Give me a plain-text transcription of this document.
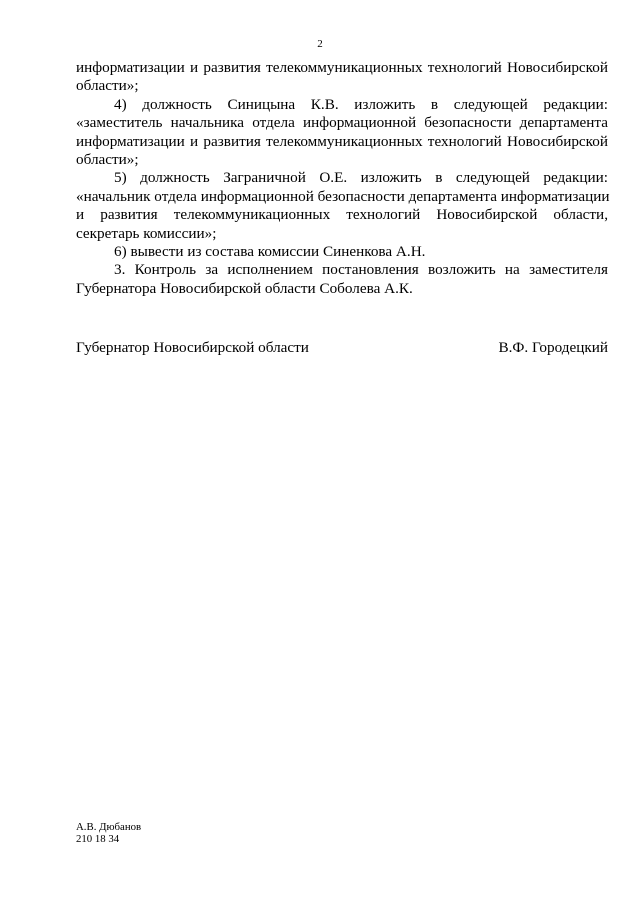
2
информатизации и развития телекоммуникационных технологий Новосибирской
области»;
4) должность Синицына К.В. изложить в следующей редакции:
«заместитель начальника отдела информационной безопасности департамента
информатизации и развития телекоммуникационных технологий Новосибирской
области»;
5) должность Заграничной О.Е. изложить в следующей редакции:
«начальник отдела информационной безопасности департамента информатизации
и развития телекоммуникационных технологий Новосибирской области,
секретарь комиссии»;
6) вывести из состава комиссии Синенкова А.Н.
3. Контроль за исполнением постановления возложить на заместителя
Губернатора Новосибирской области Соболева А.К.
Губернатор Новосибирской области	В.Ф. Городецкий
А.В. Дюбанов
210 18 34
